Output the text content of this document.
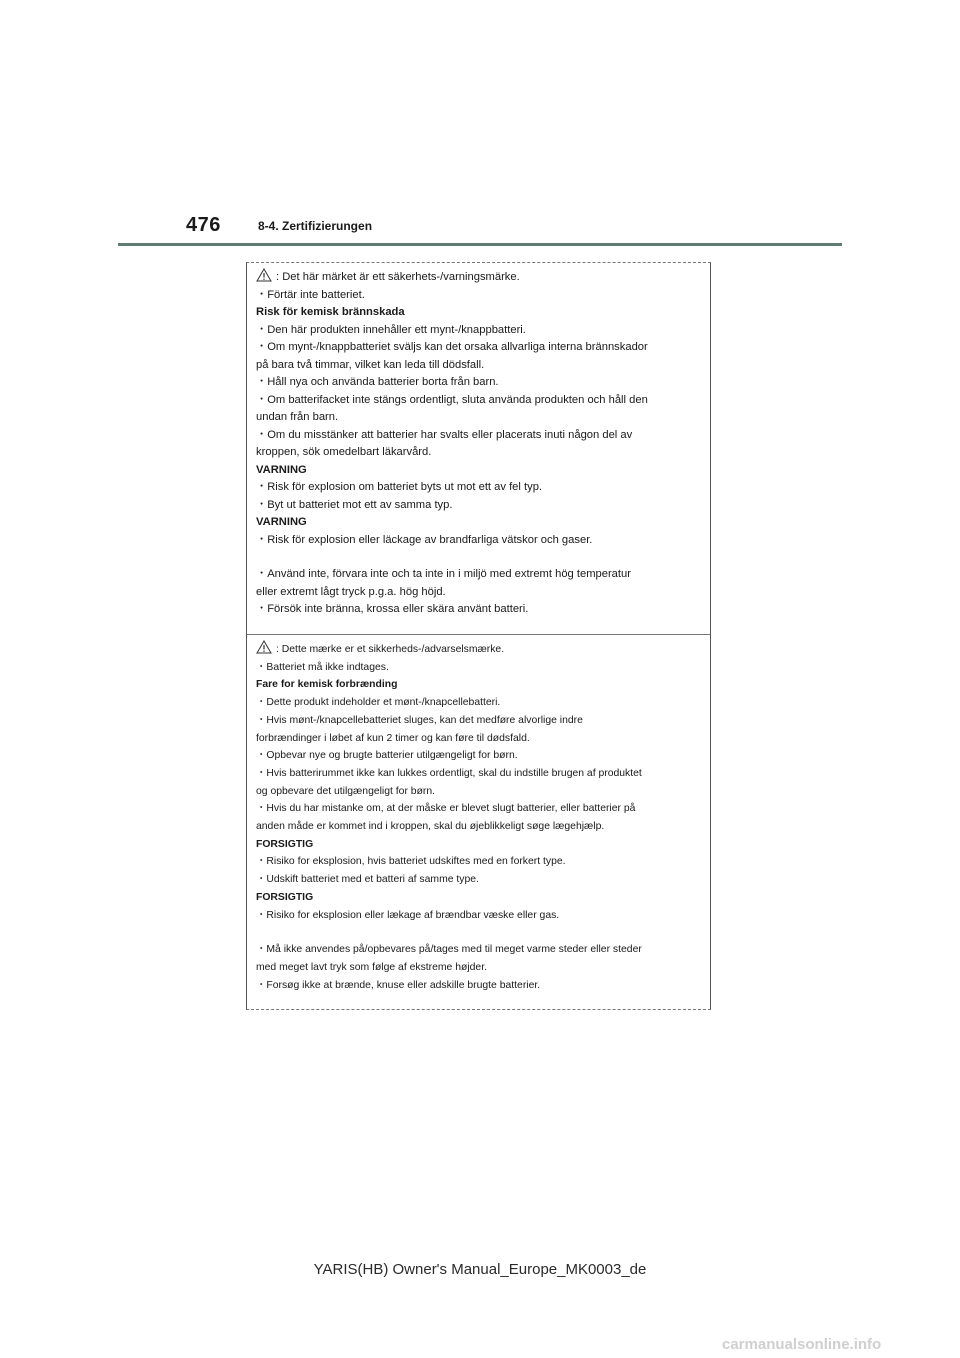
476	8-4. Zertifizierungen
: Det här märket är ett säkerhets-/varningsmärke.
・Förtär inte batteriet.
Risk för kemisk brännskada
・Den här produkten innehåller ett mynt-/knappbatteri.
・Om mynt-/knappbatteriet sväljs kan det orsaka allvarliga interna brännskador
på bara två timmar, vilket kan leda till dödsfall.
・Håll nya och använda batterier borta från barn.
・Om batterifacket inte stängs ordentligt, sluta använda produkten och håll den
undan från barn.
・Om du misstänker att batterier har svalts eller placerats inuti någon del av
kroppen, sök omedelbart läkarvård.
VARNING
・Risk för explosion om batteriet byts ut mot ett av fel typ.
・Byt ut batteriet mot ett av samma typ.
VARNING
・Risk för explosion eller läckage av brandfarliga vätskor och gaser.
・Använd inte, förvara inte och ta inte in i miljö med extremt hög temperatur
eller extremt lågt tryck p.g.a. hög höjd.
・Försök inte bränna, krossa eller skära använt batteri.
: Dette mærke er et sikkerheds-/advarselsmærke.
・Batteriet må ikke indtages.
Fare for kemisk forbrænding
・Dette produkt indeholder et mønt-/knapcellebatteri.
・Hvis mønt-/knapcellebatteriet sluges, kan det medføre alvorlige indre
forbrændinger i løbet af kun 2 timer og kan føre til dødsfald.
・Opbevar nye og brugte batterier utilgængeligt for børn.
・Hvis batterirummet ikke kan lukkes ordentligt, skal du indstille brugen af produktet
og opbevare det utilgængeligt for børn.
・Hvis du har mistanke om, at der måske er blevet slugt batterier, eller batterier på
anden måde er kommet ind i kroppen, skal du øjeblikkeligt søge lægehjælp.
FORSIGTIG
・Risiko for eksplosion, hvis batteriet udskiftes med en forkert type.
・Udskift batteriet med et batteri af samme type.
FORSIGTIG
・Risiko for eksplosion eller lækage af brændbar væske eller gas.
・Må ikke anvendes på/opbevares på/tages med til meget varme steder eller steder
med meget lavt tryk som følge af ekstreme højder.
・Forsøg ikke at brænde, knuse eller adskille brugte batterier.
YARIS(HB) Owner's Manual_Europe_MK0003_de
carmanualsonline.info
